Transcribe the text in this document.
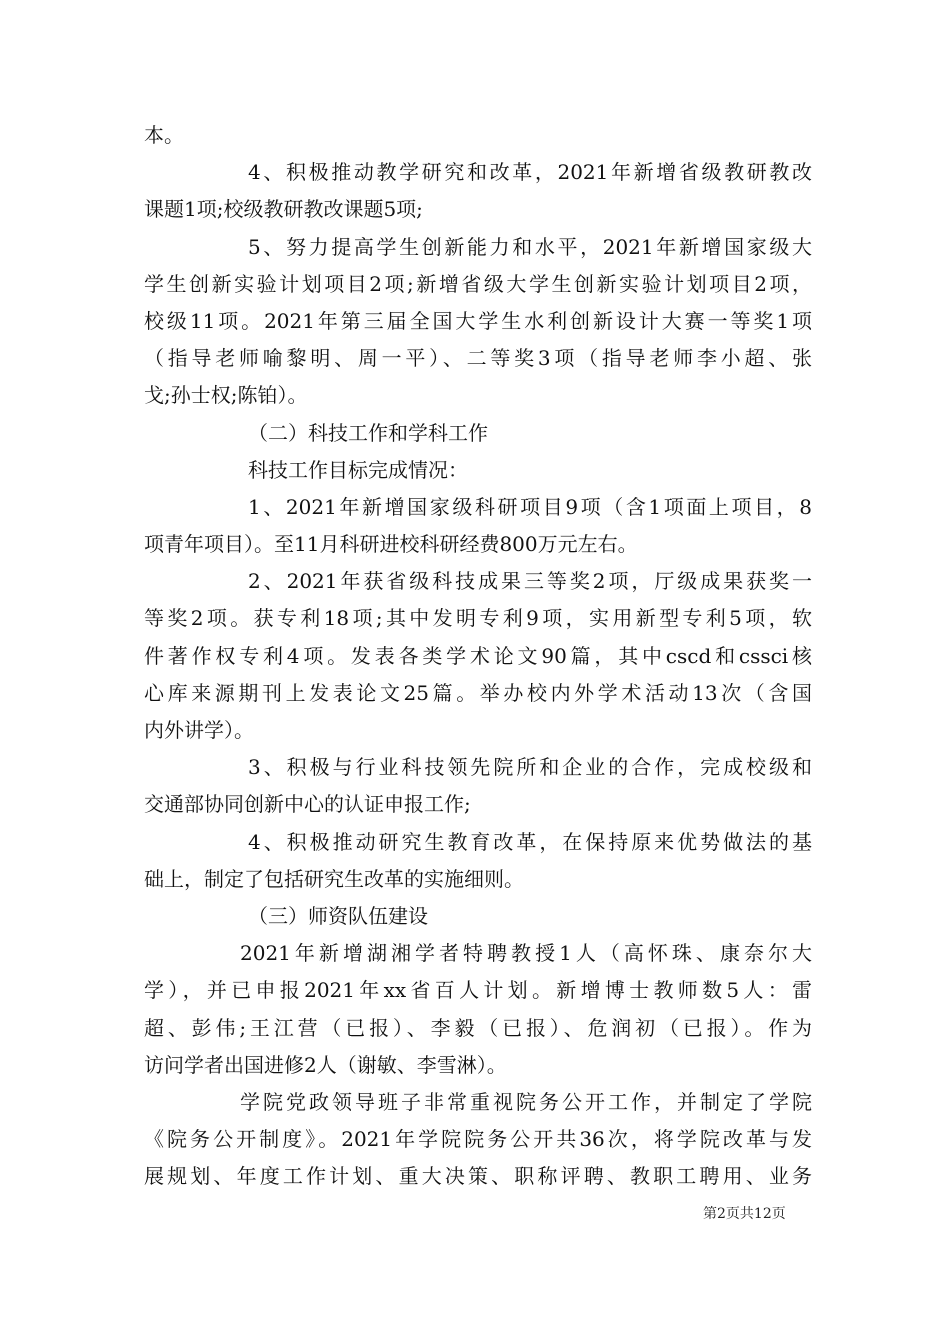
本。
4、积极推动教学研究和改革，2021年新增省级教研教改
课题1项;校级教研教改课题5项;
5、努力提高学生创新能力和水平，2021年新增国家级大
学生创新实验计划项目2项;新增省级大学生创新实验计划项目2项，
校级11项。2021年第三届全国大学生水利创新设计大赛一等奖1项
（指导老师喻黎明、周一平）、二等奖3项（指导老师李小超、张
戈;孙士权;陈铂）。
（二）科技工作和学科工作
科技工作目标完成情况：
1、2021年新增国家级科研项目9项（含1项面上项目，8
项青年项目）。至11月科研进校科研经费800万元左右。
2、2021年获省级科技成果三等奖2项，厅级成果获奖一
等奖2项。获专利18项;其中发明专利9项，实用新型专利5项，软
件著作权专利4项。发表各类学术论文90篇，其中cscd和cssci核
心库来源期刊上发表论文25篇。举办校内外学术活动13次（含国
内外讲学）。
3、积极与行业科技领先院所和企业的合作，完成校级和
交通部协同创新中心的认证申报工作;
4、积极推动研究生教育改革，在保持原来优势做法的基
础上，制定了包括研究生改革的实施细则。
（三）师资队伍建设
2021年新增湖湘学者特聘教授1人（高怀珠、康奈尔大
学），并已申报2021年xx省百人计划。新增博士教师数5人：雷
超、彭伟;王江营（已报）、李毅（已报）、危润初（已报）。作为
访问学者出国进修2人（谢敏、李雪淋）。
学院党政领导班子非常重视院务公开工作，并制定了学院
《院务公开制度》。2021年学院院务公开共36次，将学院改革与发
展规划、年度工作计划、重大决策、职称评聘、教职工聘用、业务
第2页共12页
